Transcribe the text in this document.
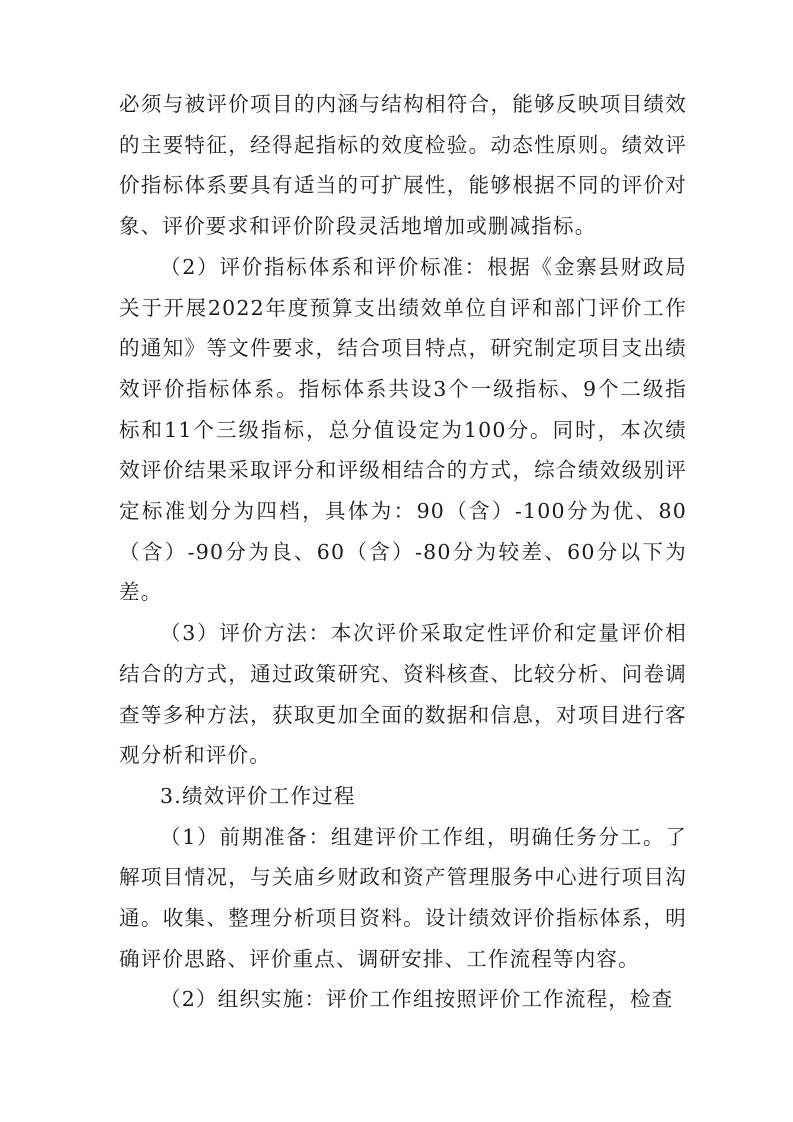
必须与被评价项目的内涵与结构相符合，能够反映项目绩效的主要特征，经得起指标的效度检验。动态性原则。绩效评价指标体系要具有适当的可扩展性，能够根据不同的评价对象、评价要求和评价阶段灵活地增加或删减指标。

（2）评价指标体系和评价标准：根据《金寨县财政局关于开展2022年度预算支出绩效单位自评和部门评价工作的通知》等文件要求，结合项目特点，研究制定项目支出绩效评价指标体系。指标体系共设3个一级指标、9个二级指标和11个三级指标，总分值设定为100分。同时，本次绩效评价结果采取评分和评级相结合的方式，综合绩效级别评定标准划分为四档，具体为：90（含）-100分为优、80（含）-90分为良、60（含）-80分为较差、60分以下为差。

（3）评价方法：本次评价采取定性评价和定量评价相结合的方式，通过政策研究、资料核查、比较分析、问卷调查等多种方法，获取更加全面的数据和信息，对项目进行客观分析和评价。

3.绩效评价工作过程

（1）前期准备：组建评价工作组，明确任务分工。了解项目情况，与关庙乡财政和资产管理服务中心进行项目沟通。收集、整理分析项目资料。设计绩效评价指标体系，明确评价思路、评价重点、调研安排、工作流程等内容。

（2）组织实施：评价工作组按照评价工作流程，检查
